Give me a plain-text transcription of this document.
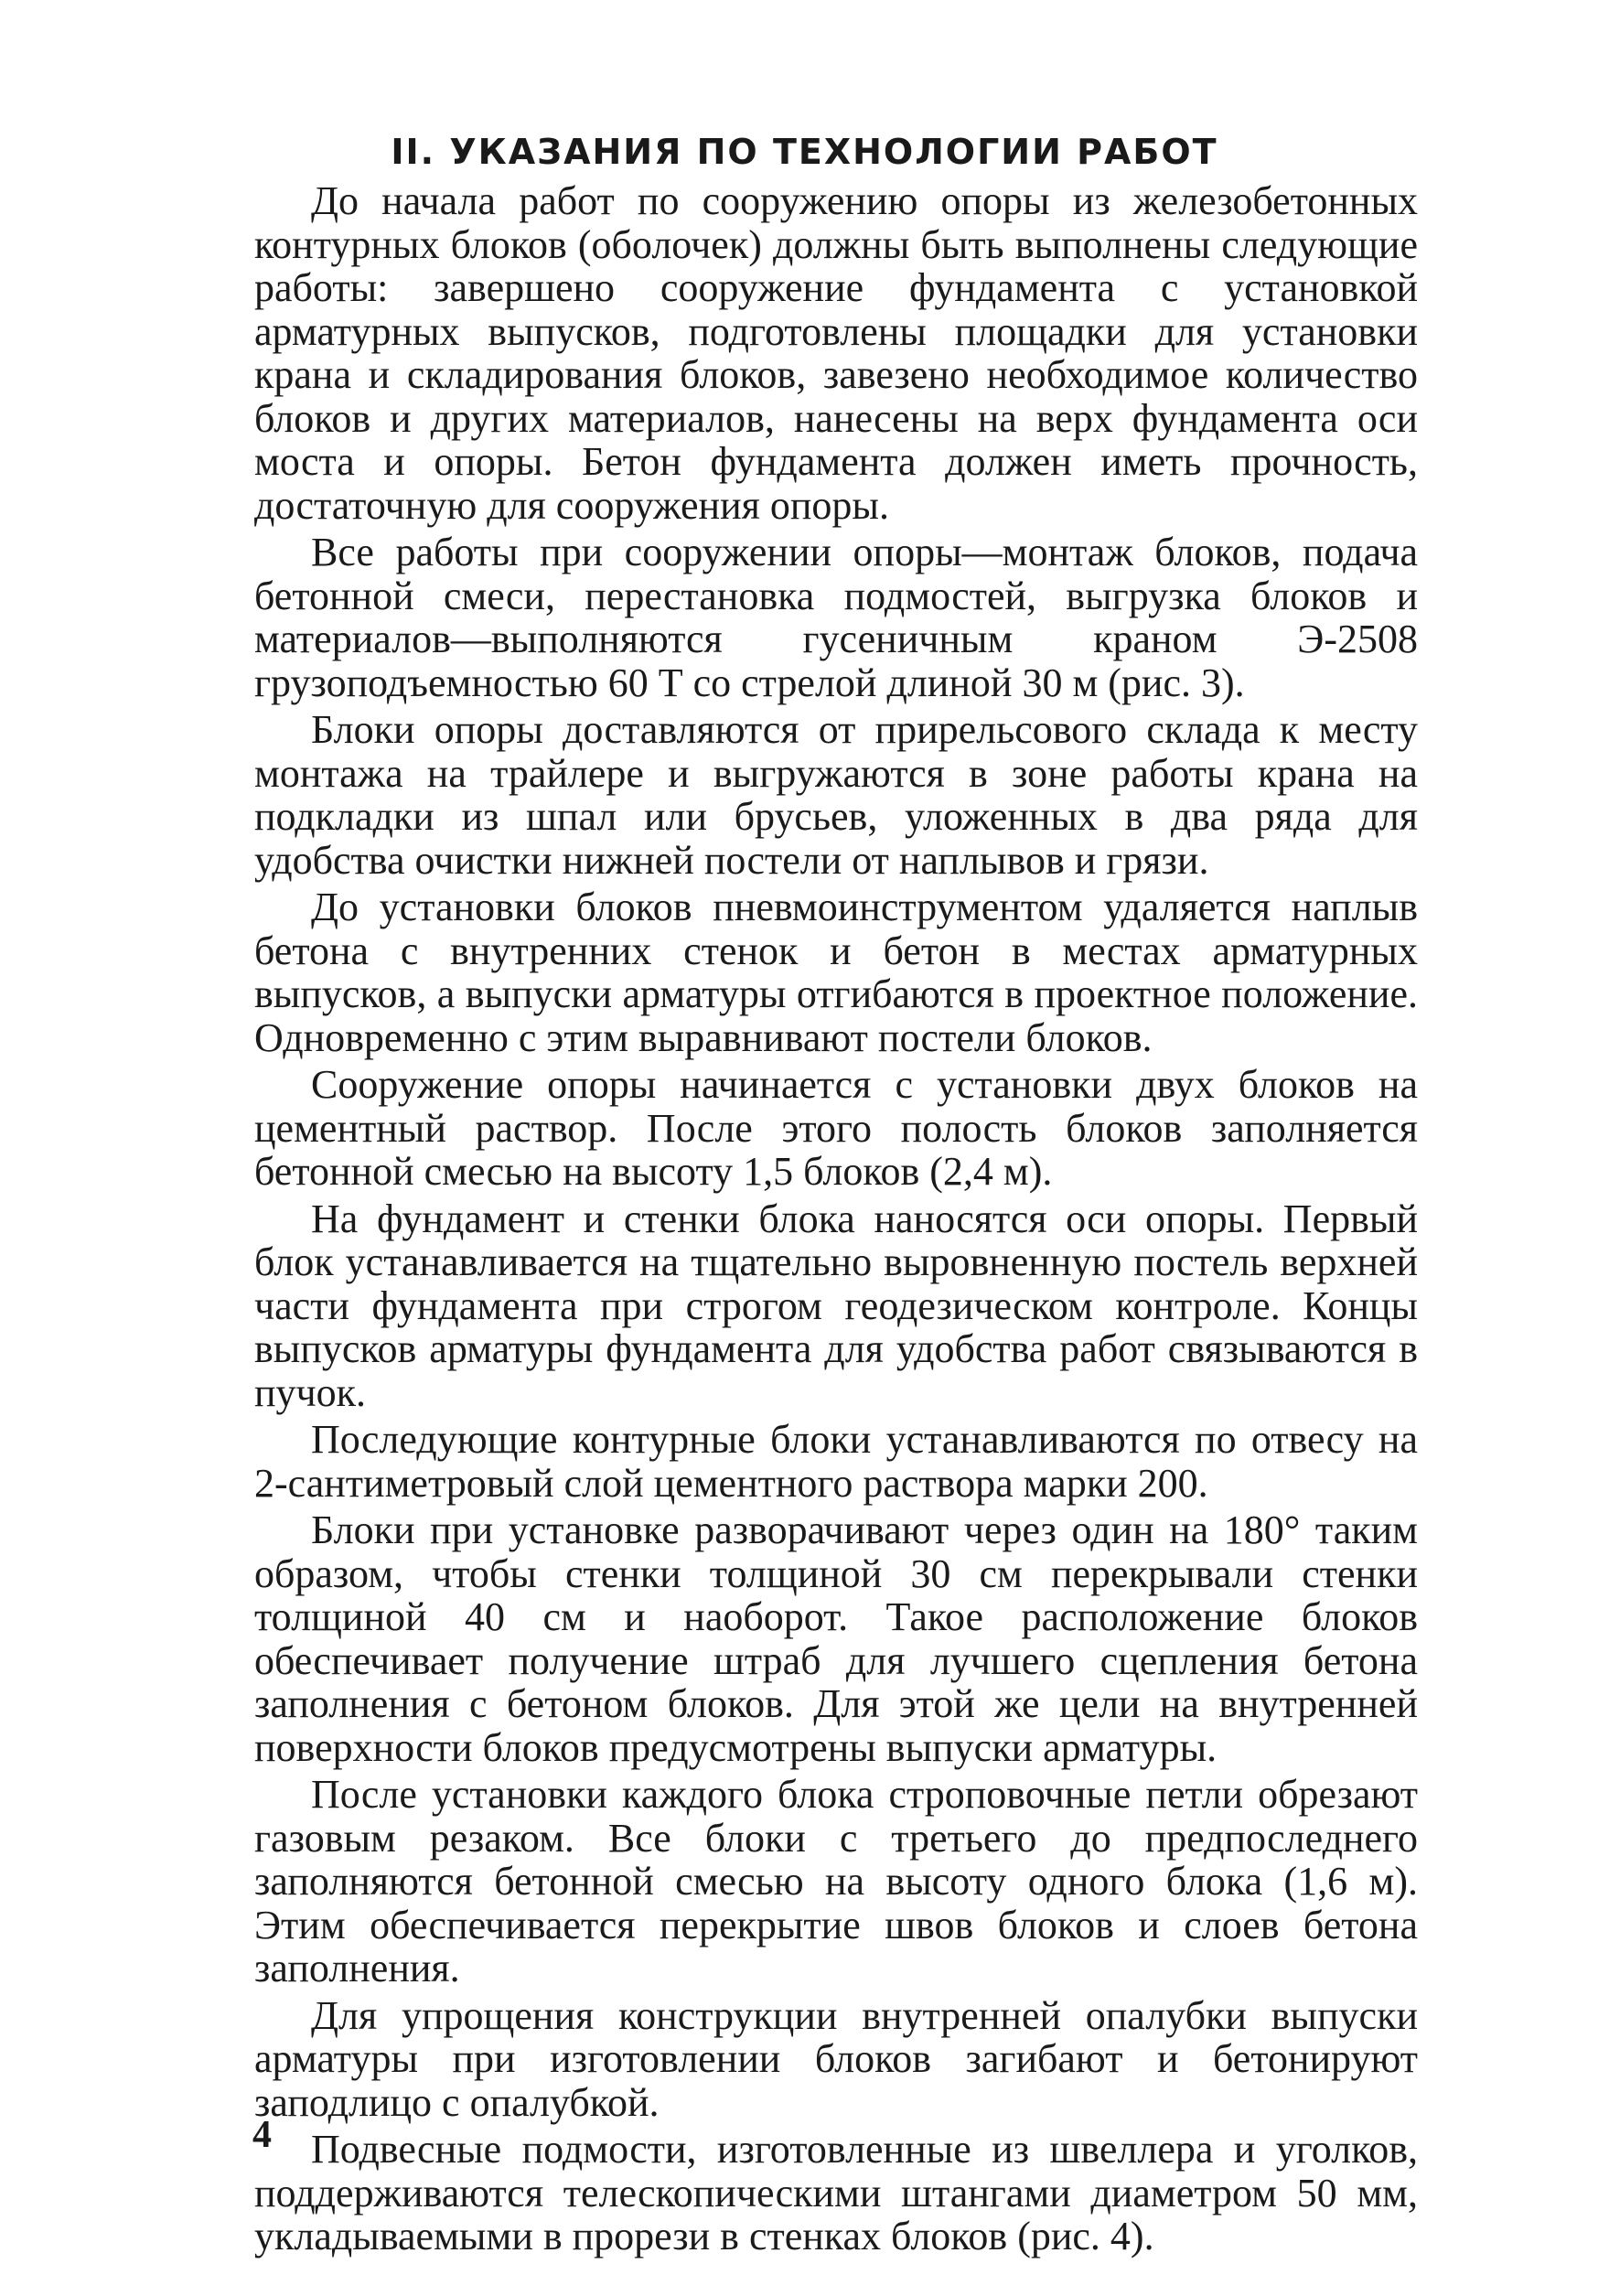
II. УКАЗАНИЯ ПО ТЕХНОЛОГИИ РАБОТ

До начала работ по сооружению опоры из железобетонных контурных блоков (оболочек) должны быть выполнены следующие работы: завершено сооружение фундамента с установкой арматурных выпусков, подготовлены площадки для установки крана и складирования блоков, завезено необходимое количество блоков и других материалов, нанесены на верх фундамента оси моста и опоры. Бетон фундамента должен иметь прочность, достаточную для сооружения опоры.

Все работы при сооружении опоры—монтаж блоков, подача бетонной смеси, перестановка подмостей, выгрузка блоков и материалов—выполняются гусеничным краном Э-2508 грузоподъемностью 60 Т со стрелой длиной 30 м (рис. 3).

Блоки опоры доставляются от прирельсового склада к месту монтажа на трайлере и выгружаются в зоне работы крана на подкладки из шпал или брусьев, уложенных в два ряда для удобства очистки нижней постели от наплывов и грязи.

До установки блоков пневмоинструментом удаляется наплыв бетона с внутренних стенок и бетон в местах арматурных выпусков, а выпуски арматуры отгибаются в проектное положение. Одновременно с этим выравнивают постели блоков.

Сооружение опоры начинается с установки двух блоков на цементный раствор. После этого полость блоков заполняется бетонной смесью на высоту 1,5 блоков (2,4 м).

На фундамент и стенки блока наносятся оси опоры. Первый блок устанавливается на тщательно выровненную постель верхней части фундамента при строгом геодезическом контроле. Концы выпусков арматуры фундамента для удобства работ связываются в пучок.

Последующие контурные блоки устанавливаются по отвесу на 2-сантиметровый слой цементного раствора марки 200.

Блоки при установке разворачивают через один на 180° таким образом, чтобы стенки толщиной 30 см перекрывали стенки толщиной 40 см и наоборот. Такое расположение блоков обеспечивает получение штраб для лучшего сцепления бетона заполнения с бетоном блоков. Для этой же цели на внутренней поверхности блоков предусмотрены выпуски арматуры.

После установки каждого блока строповочные петли обрезают газовым резаком. Все блоки с третьего до предпоследнего заполняются бетонной смесью на высоту одного блока (1,6 м). Этим обеспечивается перекрытие швов блоков и слоев бетона заполнения.

Для упрощения конструкции внутренней опалубки выпуски арматуры при изготовлении блоков загибают и бетонируют заподлицо с опалубкой.

Подвесные подмости, изготовленные из швеллера и уголков, поддерживаются телескопическими штангами диаметром 50 мм, укладываемыми в прорези в стенках блоков (рис. 4).

4
